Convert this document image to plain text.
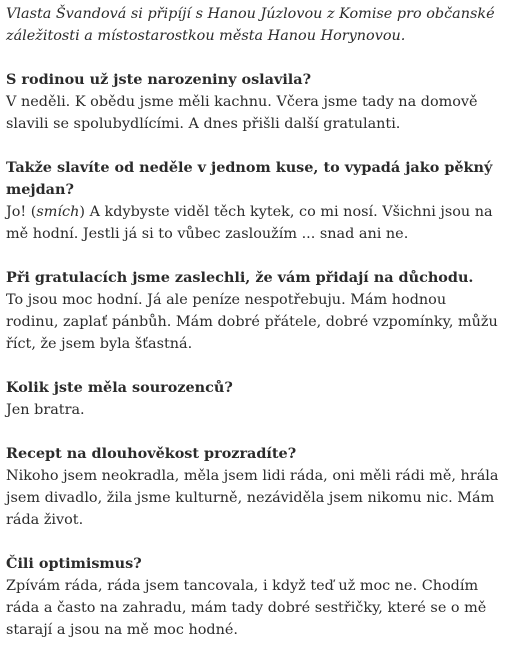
Vlasta Švandová si připíjí s Hanou Júzlovou z Komise pro občanské záležitosti a místostarostkou města Hanou Horynovou.

S rodinou už jste narozeniny oslavila?

V neděli. K obědu jsme měli kachnu. Včera jsme tady na domově slavili se spolubydlícími. A dnes přišli další gratulanti.

Takže slavíte od neděle v jednom kuse, to vypadá jako pěkný mejdan?

Jo! (smích) A kdybyste viděl těch kytek, co mi nosí. Všichni jsou na mě hodní. Jestli já si to vůbec zasloužím ... snad ani ne.

Při gratulacích jsme zaslechli, že vám přidají na důchodu.

To jsou moc hodní. Já ale peníze nespotřebuju. Mám hodnou rodinu, zaplať pánbůh. Mám dobré přátele, dobré vzpomínky, můžu říct, že jsem byla šťastná.

Kolik jste měla sourozenců?

Jen bratra.

Recept na dlouhověkost prozradíte?

Nikoho jsem neokradla, měla jsem lidi ráda, oni měli rádi mě, hrála jsem divadlo, žila jsme kulturně, nezáviděla jsem nikomu nic. Mám ráda život.

Čili optimismus?

Zpívám ráda, ráda jsem tancovala, i když teď už moc ne. Chodím ráda a často na zahradu, mám tady dobré sestřičky, které se o mě starají a jsou na mě moc hodné.
